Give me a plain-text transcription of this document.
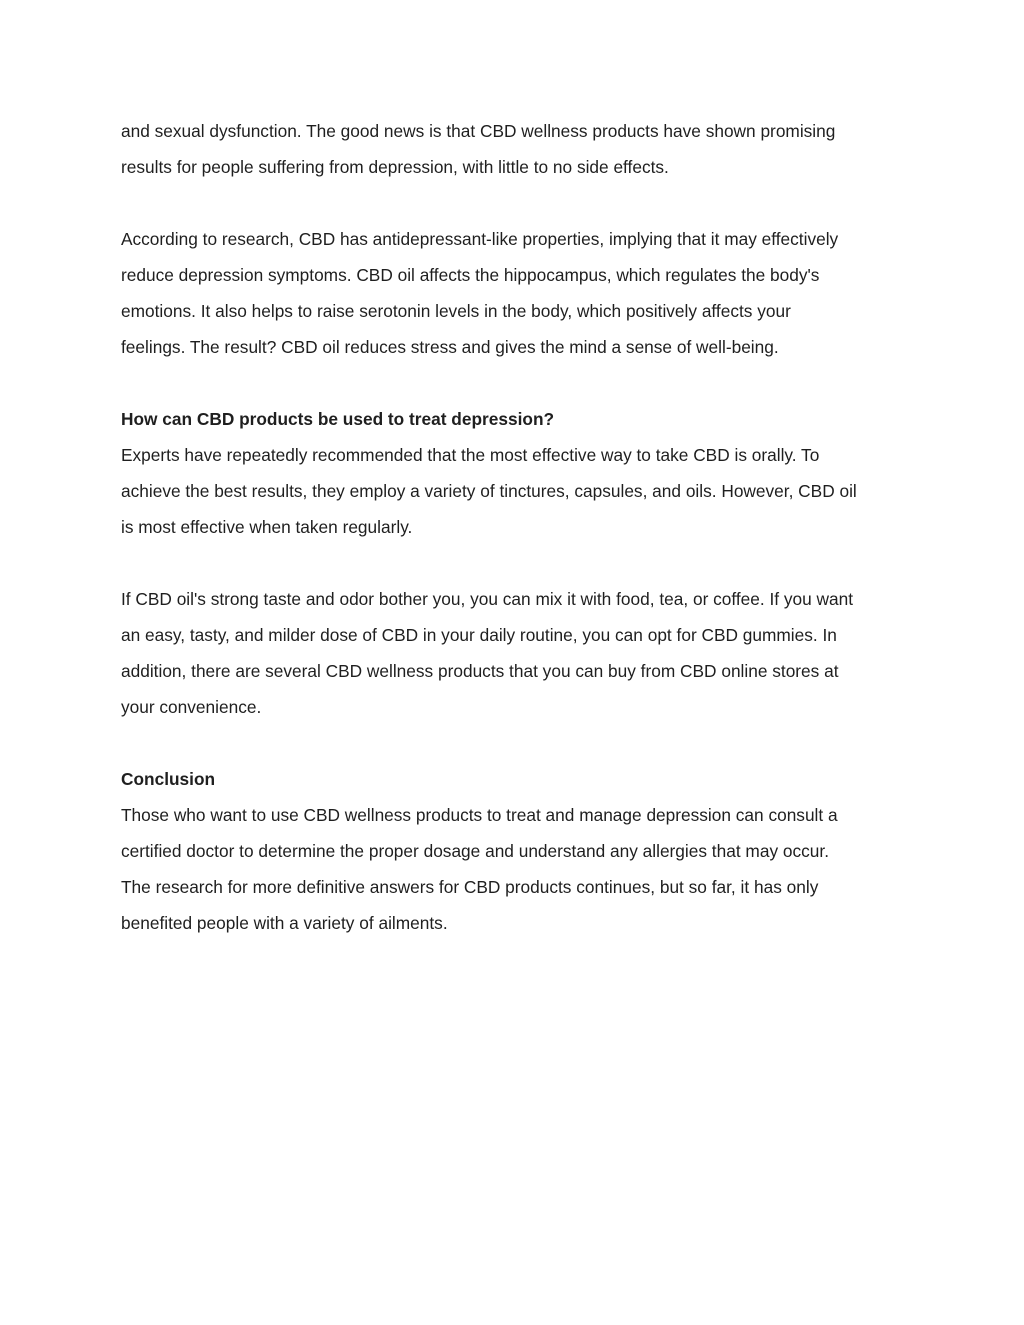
and sexual dysfunction. The good news is that CBD wellness products have shown promising

results for people suffering from depression, with little to no side effects.

According to research, CBD has antidepressant-like properties, implying that it may effectively

reduce depression symptoms. CBD oil affects the hippocampus, which regulates the body's

emotions. It also helps to raise serotonin levels in the body, which positively affects your

feelings. The result? CBD oil reduces stress and gives the mind a sense of well-being.

How can CBD products be used to treat depression?

Experts have repeatedly recommended that the most effective way to take CBD is orally. To

achieve the best results, they employ a variety of tinctures, capsules, and oils. However, CBD oil

is most effective when taken regularly.

If CBD oil's strong taste and odor bother you, you can mix it with food, tea, or coffee. If you want

an easy, tasty, and milder dose of CBD in your daily routine, you can opt for CBD gummies. In

addition, there are several CBD wellness products that you can buy from CBD online stores at

your convenience.

Conclusion

Those who want to use CBD wellness products to treat and manage depression can consult a

certified doctor to determine the proper dosage and understand any allergies that may occur.

The research for more definitive answers for CBD products continues, but so far, it has only

benefited people with a variety of ailments.
